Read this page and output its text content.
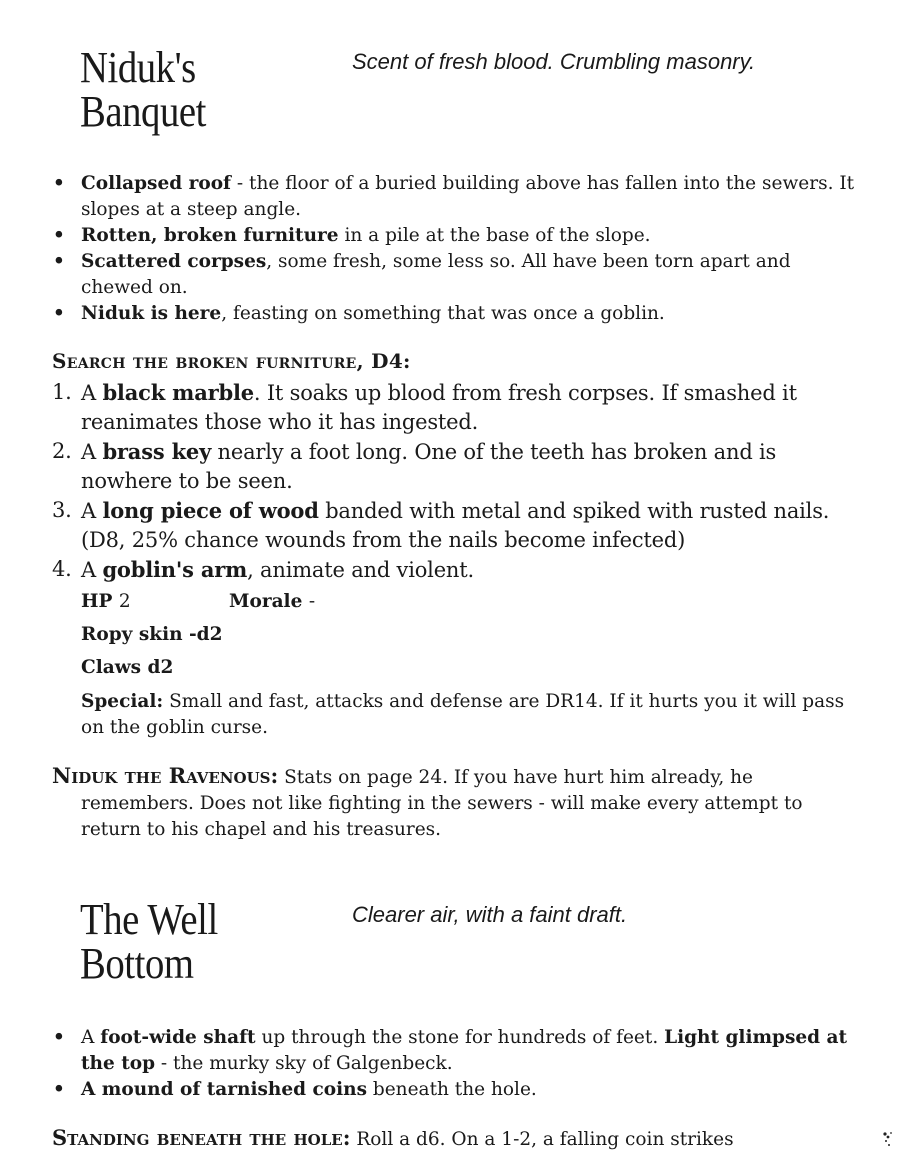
Niduk's
Banquet
Scent of fresh blood. Crumbling masonry.
• Collapsed roof - the floor of a buried building above has fallen into the sewers. It slopes at a steep angle.
• Rotten, broken furniture in a pile at the base of the slope.
• Scattered corpses, some fresh, some less so. All have been torn apart and chewed on.
• Niduk is here, feasting on something that was once a goblin.
Search the broken furniture, D4:
1. A black marble. It soaks up blood from fresh corpses. If smashed it reanimates those who it has ingested.
2. A brass key nearly a foot long. One of the teeth has broken and is nowhere to be seen.
3. A long piece of wood banded with metal and spiked with rusted nails. (D8, 25% chance wounds from the nails become infected)
4. A goblin's arm, animate and violent.
HP 2	Morale -
Ropy skin -d2
Claws d2
Special: Small and fast, attacks and defense are DR14. If it hurts you it will pass on the goblin curse.
Niduk the Ravenous: Stats on page 24. If you have hurt him already, he remembers. Does not like fighting in the sewers - will make every attempt to return to his chapel and his treasures.
The Well
Bottom
Clearer air, with a faint draft.
• A foot-wide shaft up through the stone for hundreds of feet. Light glimpsed at the top - the murky sky of Galgenbeck.
• A mound of tarnished coins beneath the hole.
Standing beneath the hole: Roll a d6. On a 1-2, a falling coin strikes
